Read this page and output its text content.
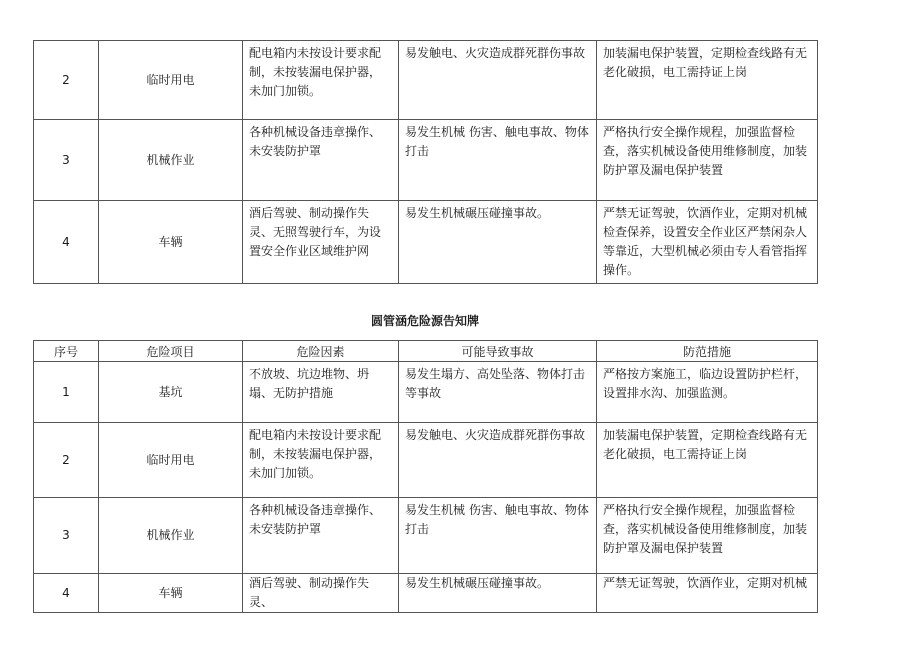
2	临时用电	配电箱内未按设计要求配制，未按装漏电保护器，未加门加锁。	易发触电、火灾造成群死群伤事故	加装漏电保护装置，定期检查线路有无老化破损，电工需持证上岗
3	机械作业	各种机械设备违章操作、未安装防护罩	易发生机械 伤害、触电事故、物体打击	严格执行安全操作规程，加强监督检查，落实机械设备使用维修制度，加装防护罩及漏电保护装置
4	车辆	酒后驾驶、制动操作失灵、无照驾驶行车，为设置安全作业区域维护网	易发生机械碾压碰撞事故。	严禁无证驾驶，饮酒作业，定期对机械检查保养，设置安全作业区严禁闲杂人等靠近，大型机械必须由专人看管指挥操作。
圆管涵危险源告知牌
序号	危险项目	危险因素	可能导致事故	防范措施
1	基坑	不放坡、坑边堆物、坍塌、无防护措施	易发生塌方、高处坠落、物体打击等事故	严格按方案施工，临边设置防护栏杆，设置排水沟、加强监测。
2	临时用电	配电箱内未按设计要求配制，未按装漏电保护器，未加门加锁。	易发触电、火灾造成群死群伤事故	加装漏电保护装置，定期检查线路有无老化破损，电工需持证上岗
3	机械作业	各种机械设备违章操作、未安装防护罩	易发生机械 伤害、触电事故、物体打击	严格执行安全操作规程，加强监督检查，落实机械设备使用维修制度，加装防护罩及漏电保护装置
4	车辆	酒后驾驶、制动操作失灵、	易发生机械碾压碰撞事故。	严禁无证驾驶，饮酒作业，定期对机械
